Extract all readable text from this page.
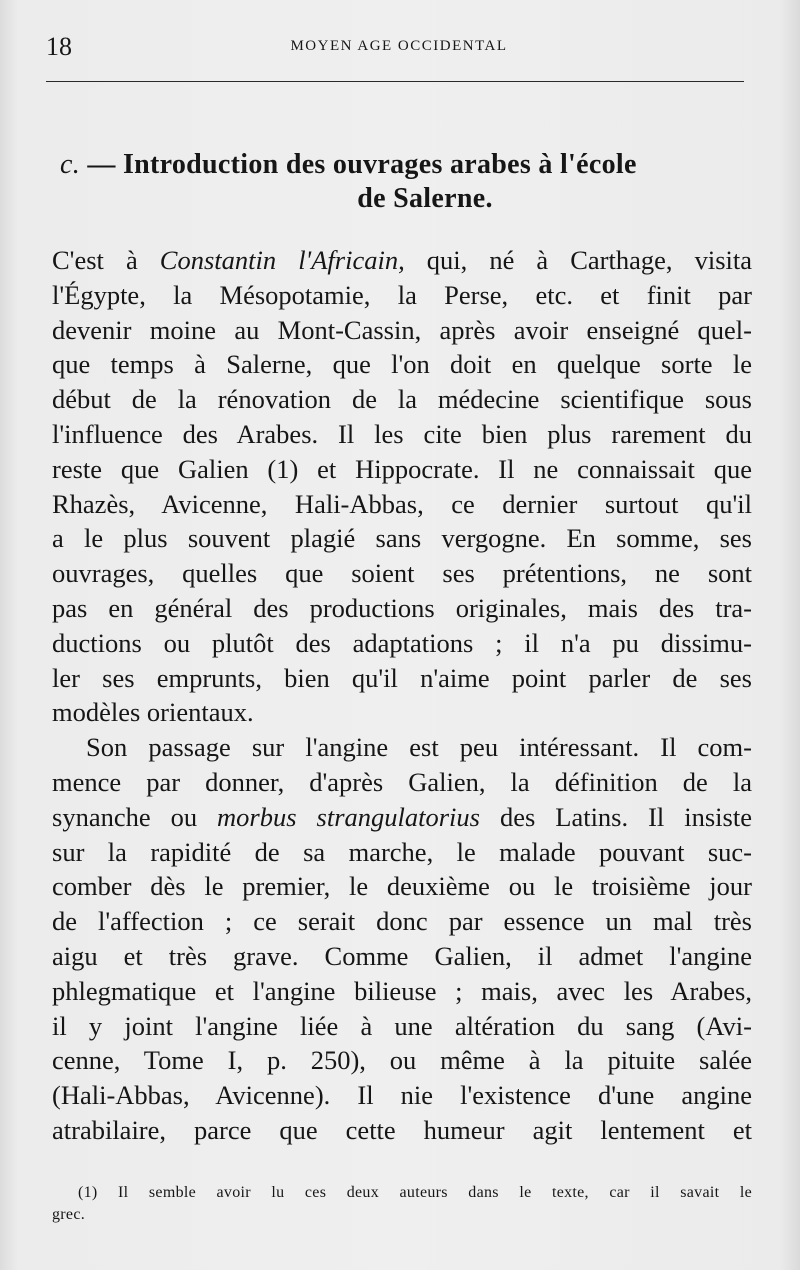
18	MOYEN AGE OCCIDENTAL
c. — Introduction des ouvrages arabes à l'école
de Salerne.
C'est à Constantin l'Africain, qui, né à Carthage, visita
l'Égypte, la Mésopotamie, la Perse, etc. et finit par
devenir moine au Mont-Cassin, après avoir enseigné quel-
que temps à Salerne, que l'on doit en quelque sorte le
début de la rénovation de la médecine scientifique sous
l'influence des Arabes. Il les cite bien plus rarement du
reste que Galien (1) et Hippocrate. Il ne connaissait que
Rhazès, Avicenne, Hali-Abbas, ce dernier surtout qu'il
a le plus souvent plagié sans vergogne. En somme, ses
ouvrages, quelles que soient ses prétentions, ne sont
pas en général des productions originales, mais des tra-
ductions ou plutôt des adaptations ; il n'a pu dissimu-
ler ses emprunts, bien qu'il n'aime point parler de ses
modèles orientaux.
Son passage sur l'angine est peu intéressant. Il com-
mence par donner, d'après Galien, la définition de la
synanche ou morbus strangulatorius des Latins. Il insiste
sur la rapidité de sa marche, le malade pouvant suc-
comber dès le premier, le deuxième ou le troisième jour
de l'affection ; ce serait donc par essence un mal très
aigu et très grave. Comme Galien, il admet l'angine
phlegmatique et l'angine bilieuse ; mais, avec les Arabes,
il y joint l'angine liée à une altération du sang (Avi-
cenne, Tome I, p. 250), ou même à la pituite salée
(Hali-Abbas, Avicenne). Il nie l'existence d'une angine
atrabilaire, parce que cette humeur agit lentement et
(1) Il semble avoir lu ces deux auteurs dans le texte, car il savait le
grec.
